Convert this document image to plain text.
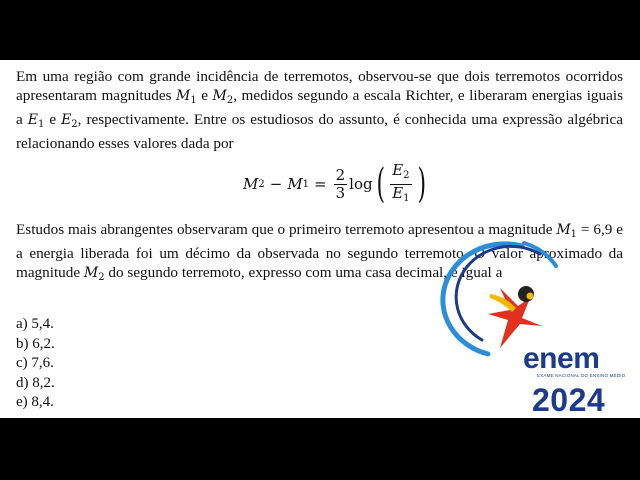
Em uma região com grande incidência de terremotos, observou-se que dois terremotos ocorridos apresentaram magnitudes $M_1$ e $M_2$, medidos segundo a escala Richter, e liberaram energias iguais a $E_1$ e $E_2$, respectivamente. Entre os estudiosos do assunto, é conhecida uma expressão algébrica relacionando esses valores dada por

M 2 − M $1 = \frac{2}{3}$ log ( $\frac{E_2}{E_1}$ )

Estudos mais abrangentes observaram que o primeiro terremoto apresentou a magnitude $M_1 = 6,9$ e a energia liberada foi um décimo da observada no segundo terremoto. O valor aproximado da magnitude $M_2$ do segundo terremoto, expresso com uma casa decimal, é igual a

a) 5,4.
b) 6,2.
c) 7,6.
d) 8,2.
e) 8,4.
enem
EXAME NACIONAL DO ENSINO MÉDIO
2024
